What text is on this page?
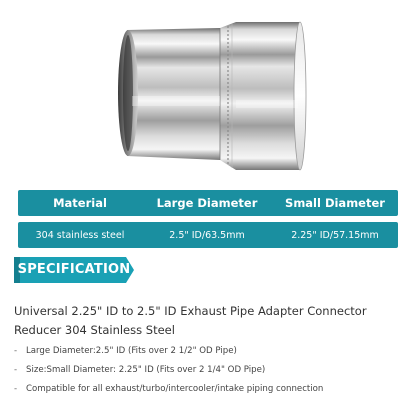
Material	Large Diameter	Small Diameter
304 stainless steel	2.5" ID/63.5mm	2.25" ID/57.15mm
SPECIFICATION
Universal 2.25" ID to 2.5" ID Exhaust Pipe Adapter Connector Reducer 304 Stainless Steel
-	Large Diameter:2.5" ID (Fits over 2 1/2" OD Pipe)
-	Size:Small Diameter: 2.25" ID (Fits over 2 1/4" OD Pipe)
-	Compatible for all exhaust/turbo/intercooler/intake piping connection
